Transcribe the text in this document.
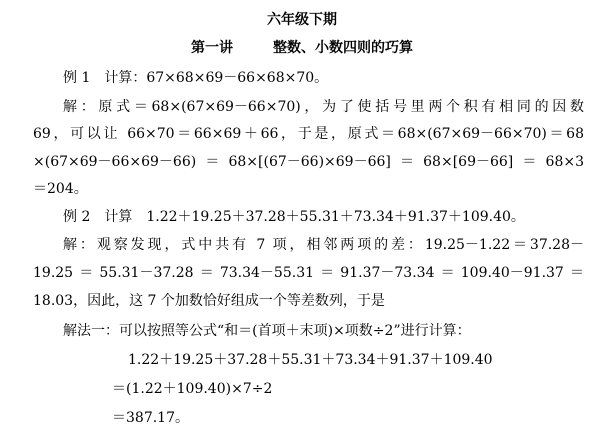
六年级下期
第一讲	整数、小数四则的巧算
例 1　计算：67×68×69－66×68×70。
解：原式＝68×(67×69－66×70)，为了使括号里两个积有相同的因数
69，可以让 66×70＝66×69＋66，于是，原式＝68×(67×69－66×70)＝68
×(67×69－66×69－66)＝68×[(67－66)×69－66]＝68×[69－66]＝68×3
＝204。
例 2　计算　1.22＋19.25＋37.28＋55.31＋73.34＋91.37＋109.40。
解：观察发现，式中共有 7 项，相邻两项的差：19.25－1.22＝37.28－
19.25＝55.31－37.28＝73.34－55.31＝91.37－73.34＝109.40－91.37＝
18.03，因此，这 7 个加数恰好组成一个等差数列，于是
解法一：可以按照等公式“和＝(首项＋末项)×项数÷2”进行计算：
1.22＋19.25＋37.28＋55.31＋73.34＋91.37＋109.40
＝(1.22＋109.40)×7÷2
＝387.17。
